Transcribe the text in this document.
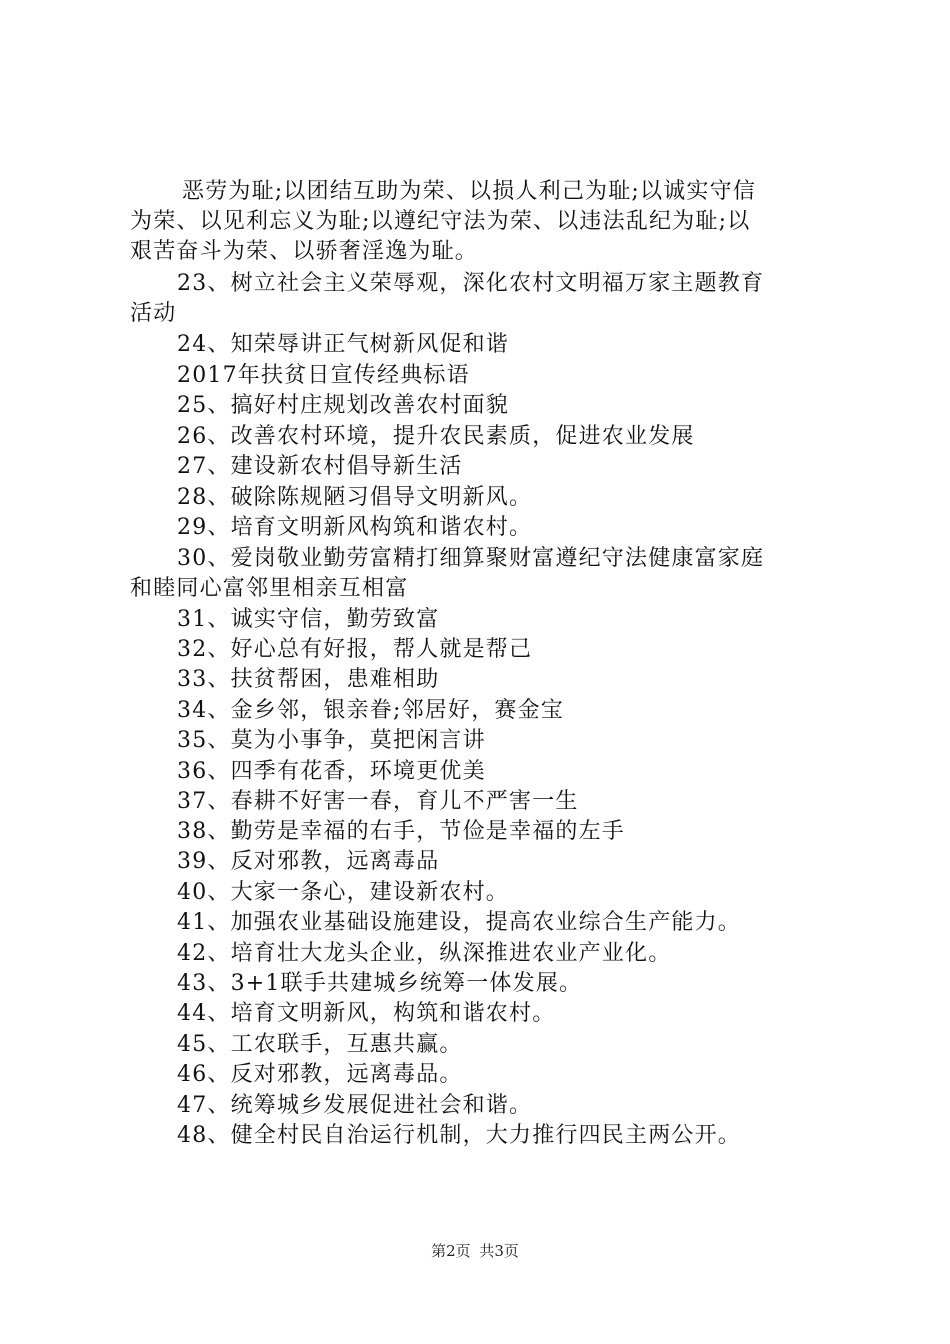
恶劳为耻;以团结互助为荣、以损人利己为耻;以诚实守信
为荣、以见利忘义为耻;以遵纪守法为荣、以违法乱纪为耻;以
艰苦奋斗为荣、以骄奢淫逸为耻。
23、树立社会主义荣辱观，深化农村文明福万家主题教育
活动
24、知荣辱讲正气树新风促和谐
2017年扶贫日宣传经典标语
25、搞好村庄规划改善农村面貌
26、改善农村环境，提升农民素质，促进农业发展
27、建设新农村倡导新生活
28、破除陈规陋习倡导文明新风。
29、培育文明新风构筑和谐农村。
30、爱岗敬业勤劳富精打细算聚财富遵纪守法健康富家庭
和睦同心富邻里相亲互相富
31、诚实守信，勤劳致富
32、好心总有好报，帮人就是帮己
33、扶贫帮困，患难相助
34、金乡邻，银亲眷;邻居好，赛金宝
35、莫为小事争，莫把闲言讲
36、四季有花香，环境更优美
37、春耕不好害一春，育儿不严害一生
38、勤劳是幸福的右手，节俭是幸福的左手
39、反对邪教，远离毒品
40、大家一条心，建设新农村。
41、加强农业基础设施建设，提高农业综合生产能力。
42、培育壮大龙头企业，纵深推进农业产业化。
43、3+1联手共建城乡统筹一体发展。
44、培育文明新风，构筑和谐农村。
45、工农联手，互惠共赢。
46、反对邪教，远离毒品。
47、统筹城乡发展促进社会和谐。
48、健全村民自治运行机制，大力推行四民主两公开。
第2页 共3页
